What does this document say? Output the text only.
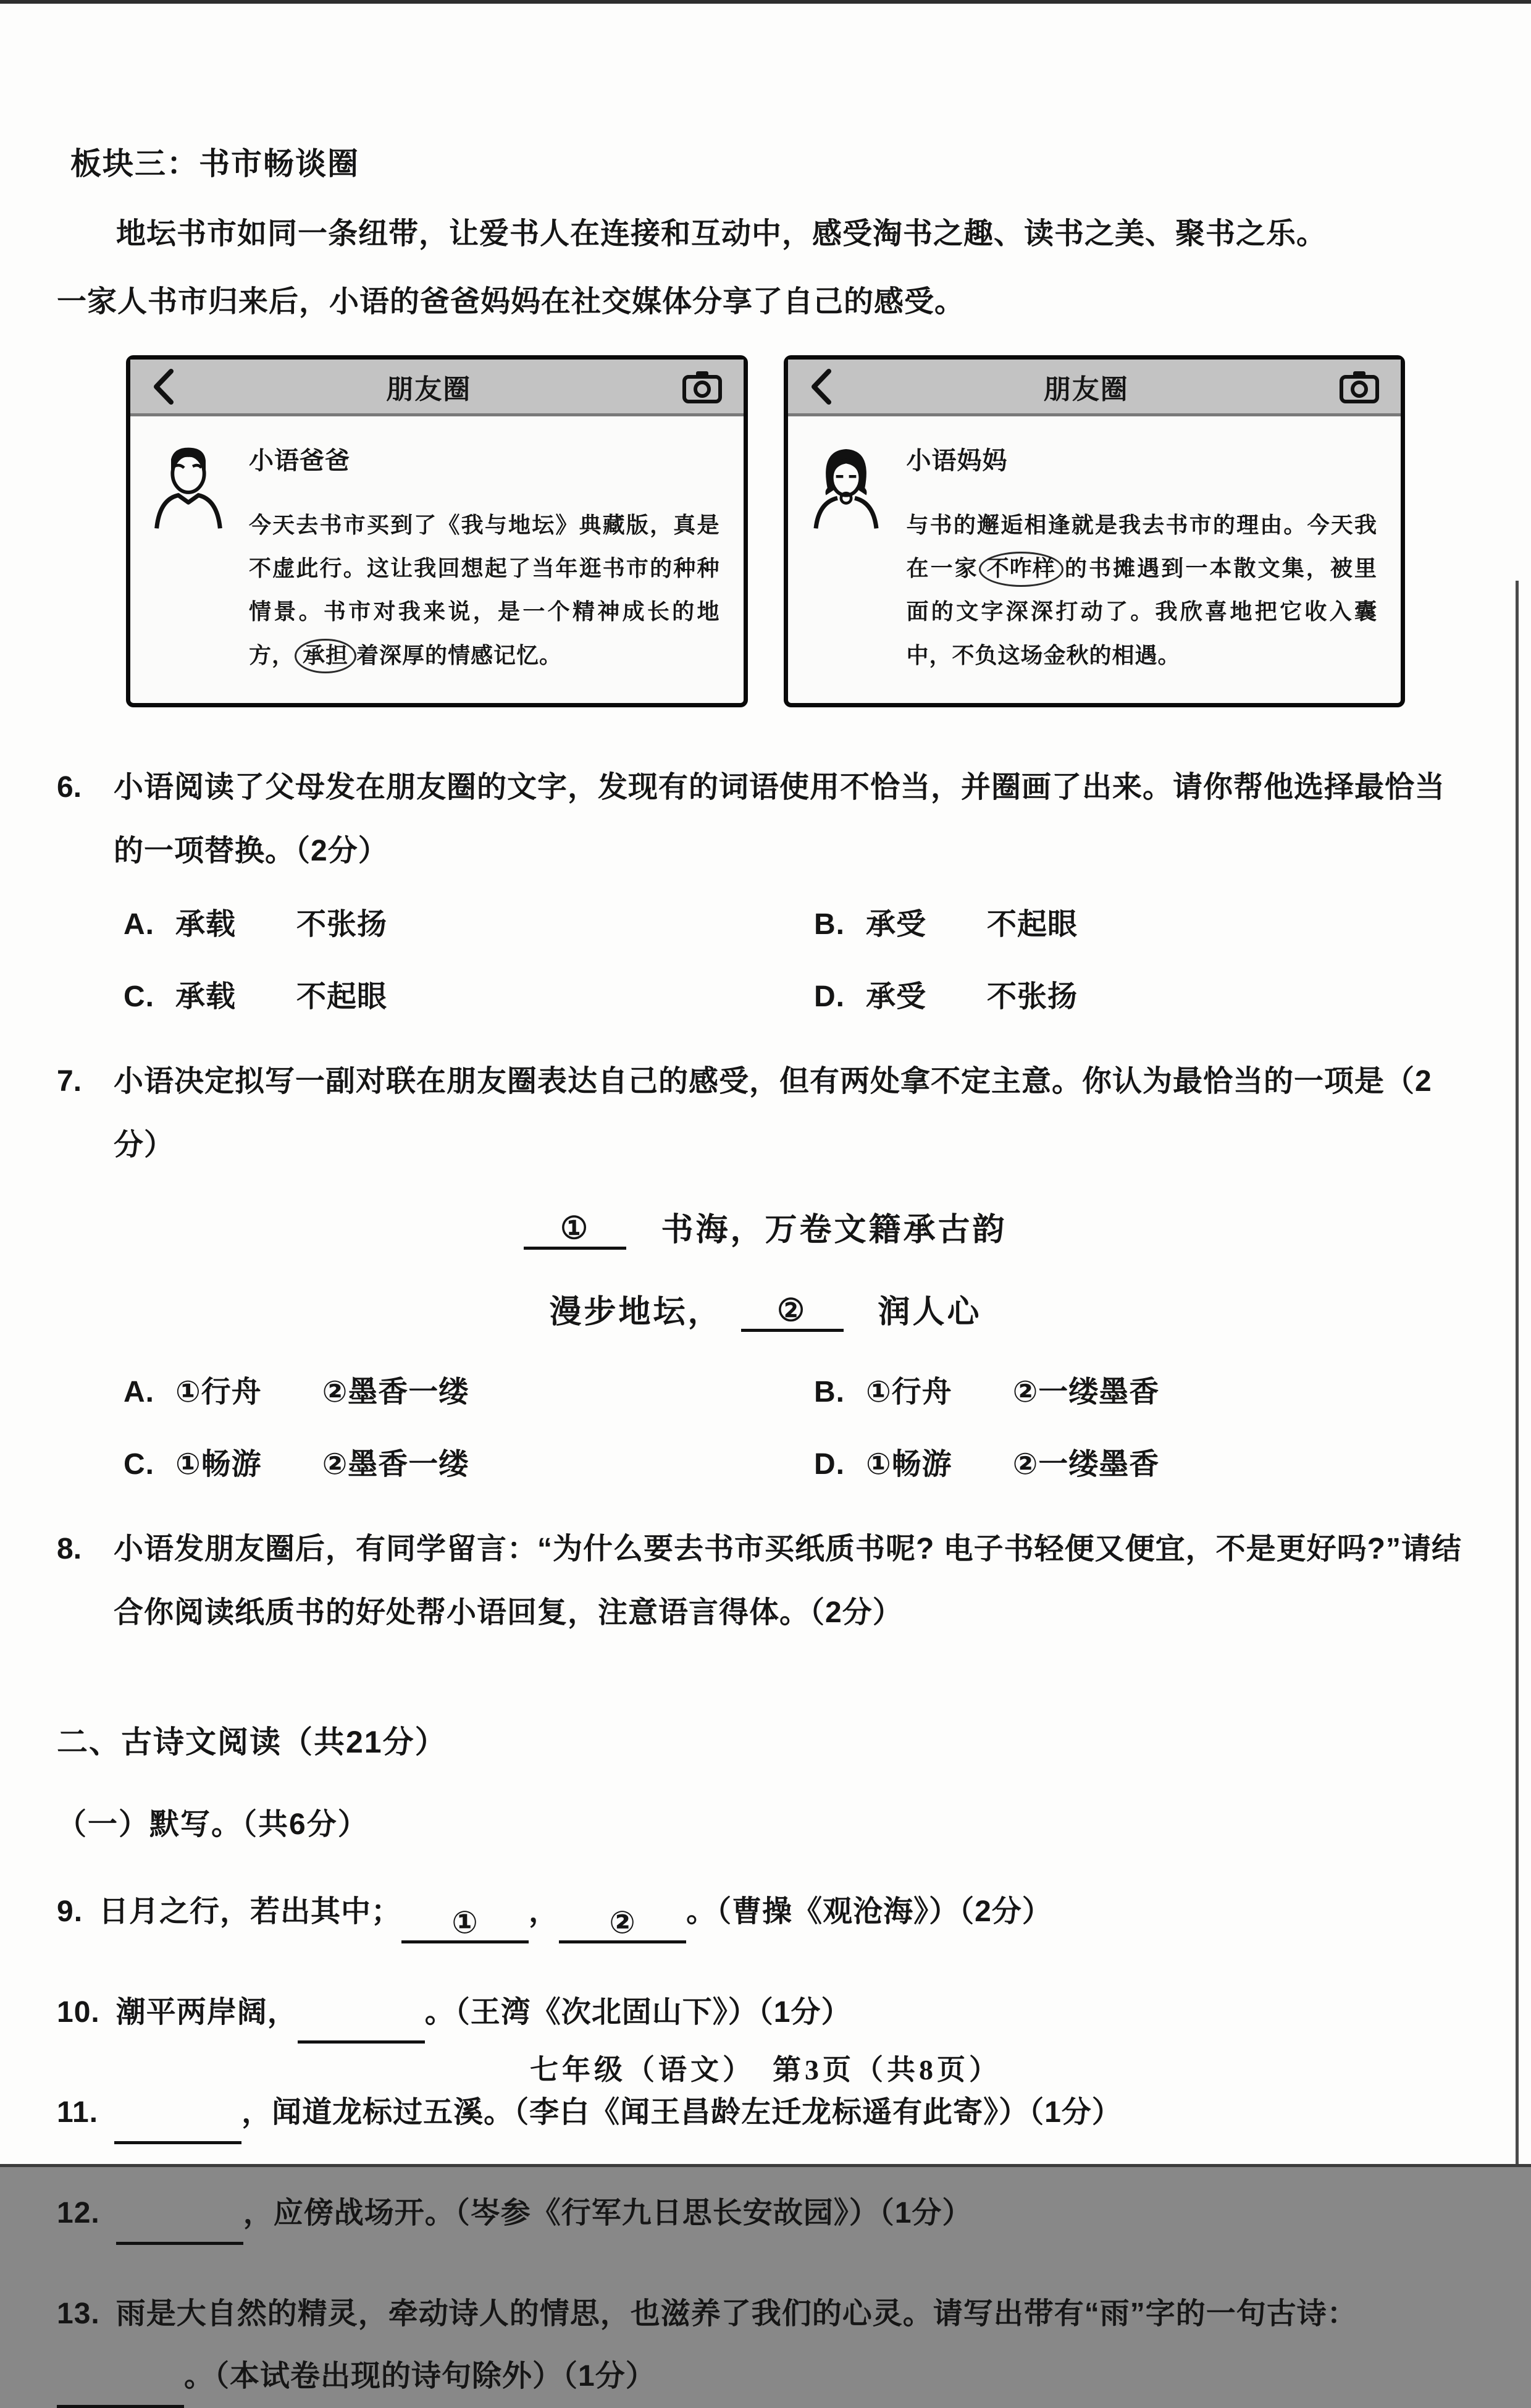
板块三：书市畅谈圈
地坛书市如同一条纽带，让爱书人在连接和互动中，感受淘书之趣、读书之美、聚书之乐。
一家人书市归来后，小语的爸爸妈妈在社交媒体分享了自己的感受。
朋友圈
小语爸爸
今天去书市买到了《我与地坛》典藏版，真是不虚此行。这让我回想起了当年逛书市的种种情景。书市对我来说，是一个精神成长的地方， 承担 着深厚的情感记忆。
朋友圈
小语妈妈
与书的邂逅相逢就是我去书市的理由。今天我在一家 不咋样 的书摊遇到一本散文集，被里面的文字深深打动了。我欣喜地把它收入囊中，不负这场金秋的相遇。
6.	小语阅读了父母发在朋友圈的文字，发现有的词语使用不恰当，并圈画了出来。请你帮他选择最恰当的一项替换。（2分）
A. 承载　　不张扬	B. 承受　　不起眼
C. 承载　　不起眼	D. 承受　　不张扬
7.	小语决定拟写一副对联在朋友圈表达自己的感受，但有两处拿不定主意。你认为最恰当的一项是（2分）
①　书海，万卷文籍承古韵
漫步地坛，　②　润人心
A. ①行舟　　②墨香一缕	B. ①行舟　　②一缕墨香
C. ①畅游　　②墨香一缕	D. ①畅游　　②一缕墨香
8.	小语发朋友圈后，有同学留言：“为什么要去书市买纸质书呢? 电子书轻便又便宜，不是更好吗?”请结合你阅读纸质书的好处帮小语回复，注意语言得体。（2分）
二、古诗文阅读（共21分）
（一）默写。（共6分）
9. 日月之行，若出其中； ① ， ② 。（曹操《观沧海》）（2分）
10. 潮平两岸阔，	。（王湾《次北固山下》）（1分）
11.	，闻道龙标过五溪。（李白《闻王昌龄左迁龙标遥有此寄》）（1分）
12.	，应傍战场开。（岑参《行军九日思长安故园》）（1分）
13. 雨是大自然的精灵，牵动诗人的情思，也滋养了我们的心灵。请写出带有“雨”字的一句古诗：。（本试卷出现的诗句除外）（1分）
七年级（语文）　第3页（共8页）
